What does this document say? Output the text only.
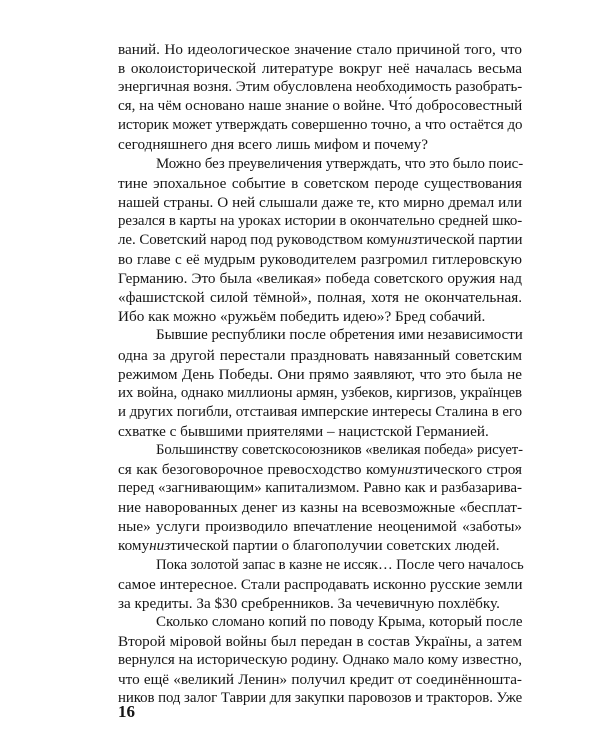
ваний. Но идеологическое значение стало причиной того, что
в околоисторической литературе вокруг неё началась весьма
энергичная возня. Этим обусловлена необходимость разобрать-
ся, на чём основано наше знание о войне. Что́ добросовестный
историк может утверждать совершенно точно, а что остаётся до
сегодняшнего дня всего лишь мифом и почему?
Можно без преувеличения утверждать, что это было поис-
тине эпохальное событие в советском пероде существования
нашей страны. О ней слышали даже те, кто мирно дремал или
резался в карты на уроках истории в окончательно средней шко-
ле. Советский народ под руководством комунизтической партии
во главе с её мудрым руководителем разгромил гитлеровскую
Германию. Это была «великая» победа советского оружия над
«фашистской силой тёмной», полная, хотя не окончательная.
Ибо как можно «ружьём победить идею»? Бред собачий.
Бывшие республики после обретения ими независимости
одна за другой перестали праздновать навязанный советским
режимом День Победы. Они прямо заявляют, что это была не
их война, однако миллионы армян, узбеков, киргизов, українцев
и других погибли, отстаивая имперские интересы Сталина в его
схватке с бывшими приятелями – нацистской Германией.
Большинству советскосоюзников «великая победа» рисует-
ся как безоговорочное превосходство комунизтического строя
перед «загнивающим» капитализмом. Равно как и разбазарива-
ние наворованных денег из казны на всевозможные «бесплат-
ные» услуги производило впечатление неоценимой «заботы»
комунизтической партии о благополучии советских людей.
Пока золотой запас в казне не иссяк… После чего началось
самое интересное. Стали распродавать исконно русские земли
за кредиты. За $30 сребренников. За чечевичную похлёбку.
Сколько сломано копий по поводу Крыма, который после
Второй мiровой войны был передан в состав Украïны, а затем
вернулся на историческую родину. Однако мало кому известно,
что ещё «великий Ленин» получил кредит от соединённошта-
ников под залог Таврии для закупки паровозов и тракторов. Уже
16
